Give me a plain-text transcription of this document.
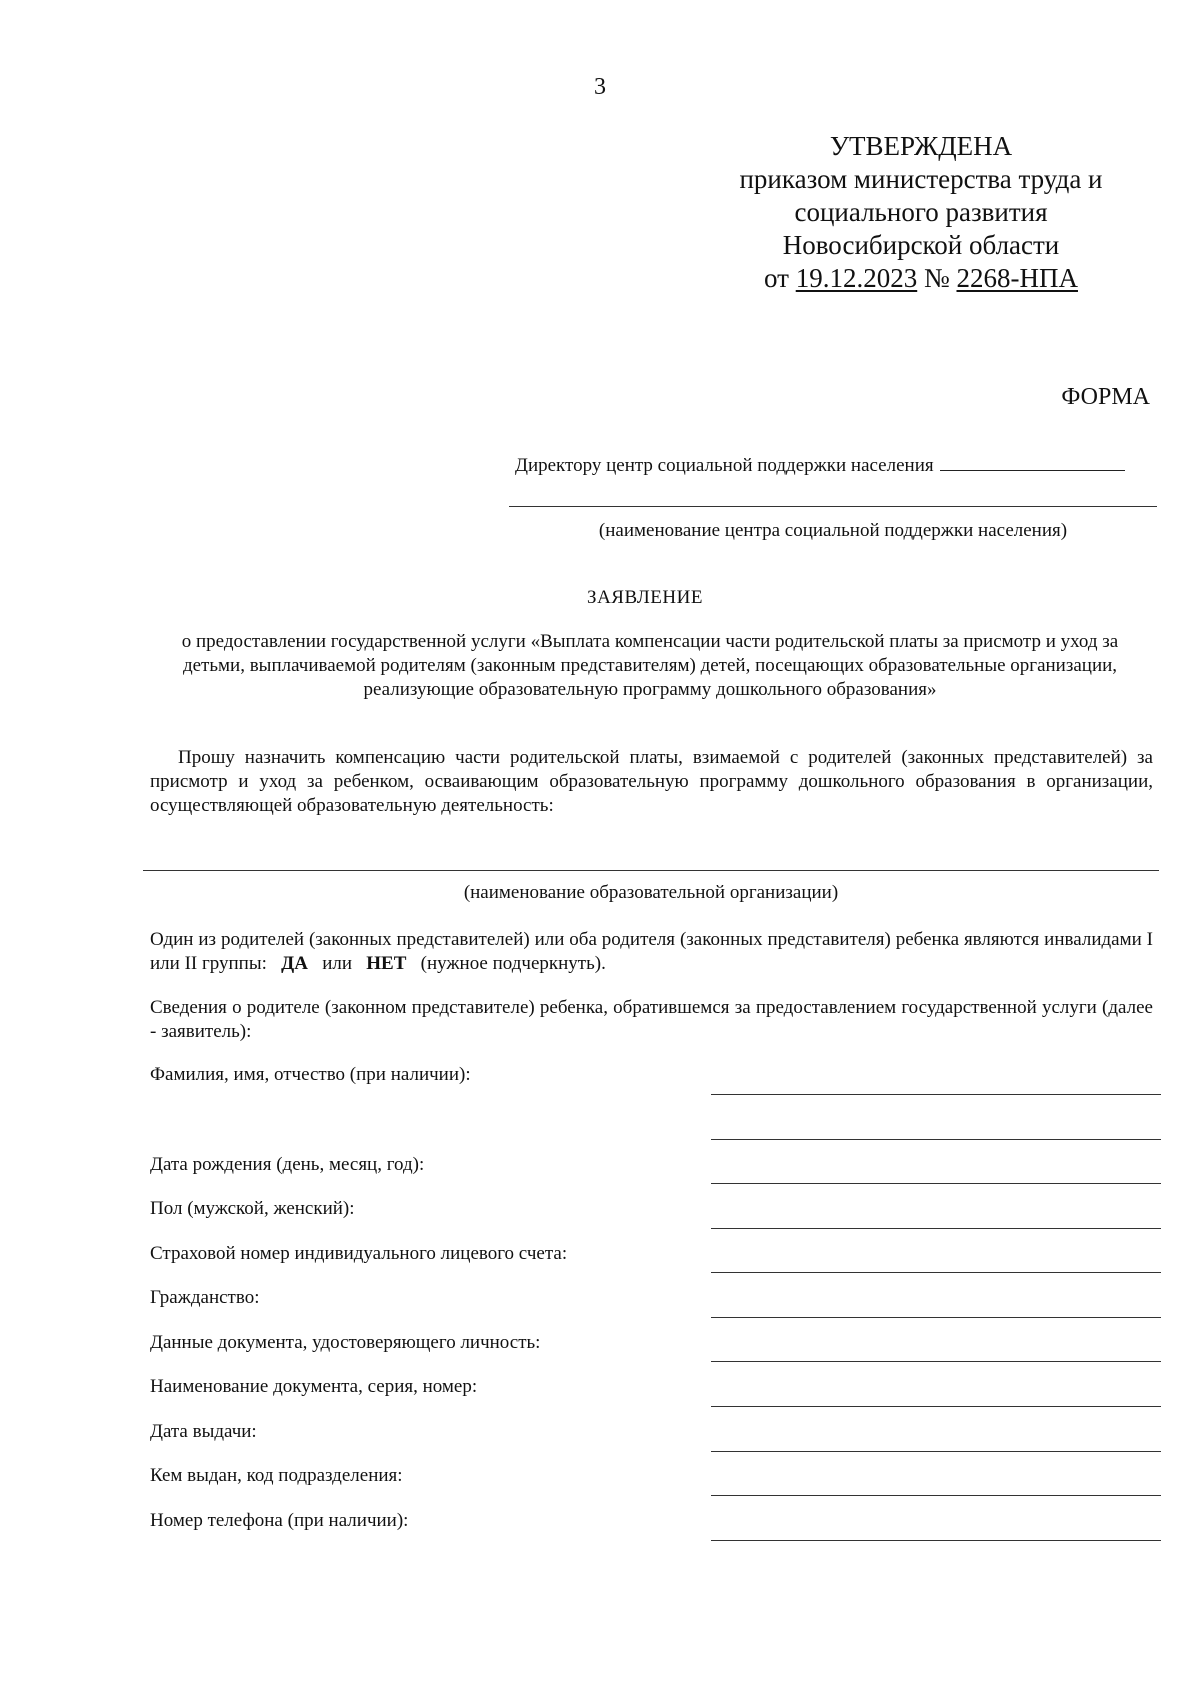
3
УТВЕРЖДЕНА
приказом министерства труда и
социального развития
Новосибирской области
от 19.12.2023 № 2268-НПА
ФОРМА
Директору центр социальной поддержки населения
(наименование центра социальной поддержки населения)
ЗАЯВЛЕНИЕ
о предоставлении государственной услуги «Выплата компенсации части родительской платы за присмотр и уход за детьми, выплачиваемой родителям (законным представителям) детей, посещающих образовательные организации, реализующие образовательную программу дошкольного образования»
Прошу назначить компенсацию части родительской платы, взимаемой с родителей (законных представителей) за присмотр и уход за ребенком, осваивающим образовательную программу дошкольного образования в организации, осуществляющей образовательную деятельность:
(наименование образовательной организации)
Один из родителей (законных представителей) или оба родителя (законных представителя) ребенка являются инвалидами I или II группы: ДА или НЕТ (нужное подчеркнуть).
Сведения о родителе (законном представителе) ребенка, обратившемся за предоставлением государственной услуги (далее - заявитель):
Фамилия, имя, отчество (при наличии):
Дата рождения (день, месяц, год):
Пол (мужской, женский):
Страховой номер индивидуального лицевого счета:
Гражданство:
Данные документа, удостоверяющего личность:
Наименование документа, серия, номер:
Дата выдачи:
Кем выдан, код подразделения:
Номер телефона (при наличии):
